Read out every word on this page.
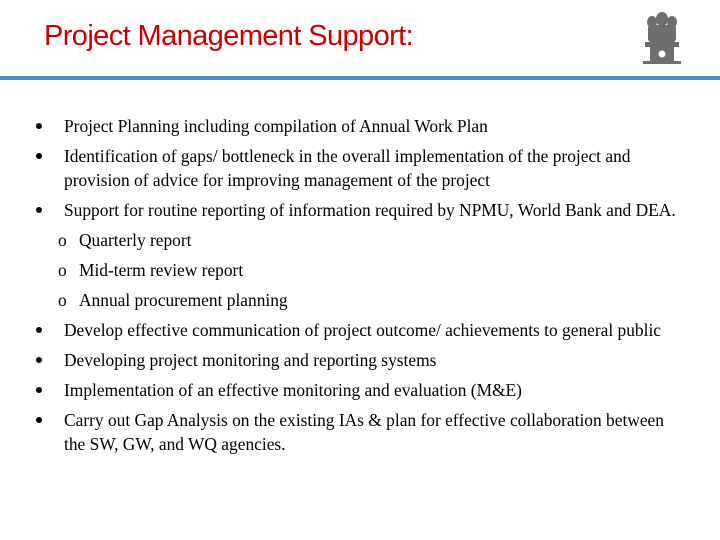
Project Management Support:
Project Planning including compilation of Annual Work Plan
Identification of gaps/ bottleneck in the overall implementation of the project and provision of advice for improving management of the project
Support for routine reporting of information required by NPMU, World Bank and DEA.
o Quarterly report
o Mid-term review report
o Annual procurement planning
Develop effective communication of project outcome/ achievements to general public
Developing project monitoring and reporting systems
Implementation of an effective monitoring and evaluation (M&E)
Carry out Gap Analysis on the existing IAs & plan for effective collaboration between the SW, GW, and WQ agencies.
